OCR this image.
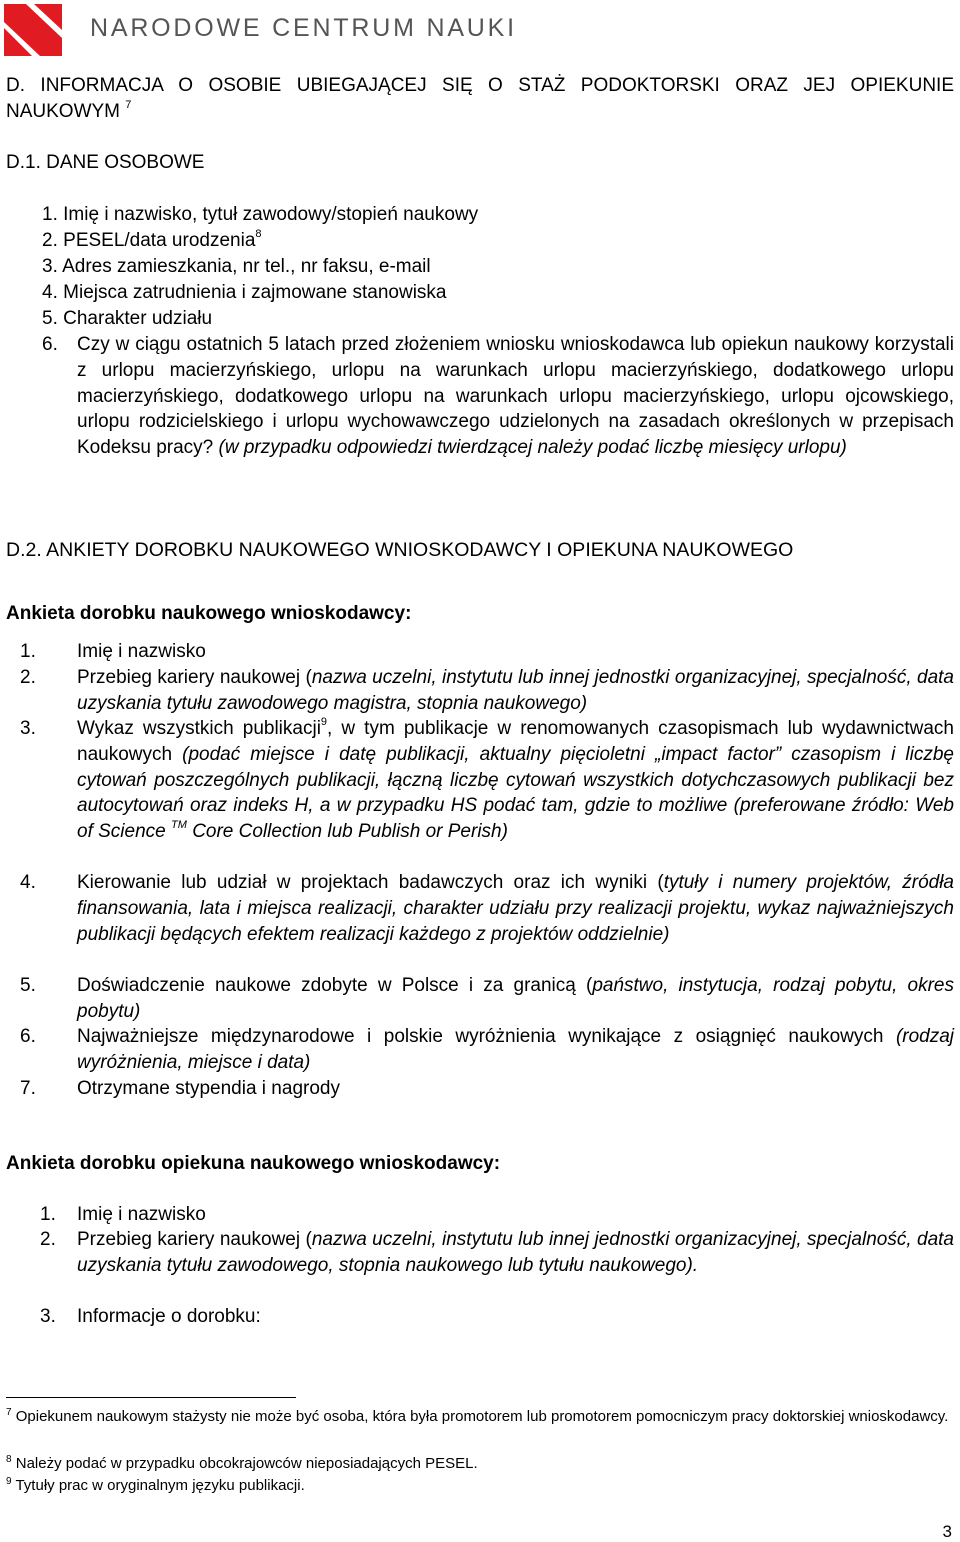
NARODOWE CENTRUM NAUKI
D. INFORMACJA O OSOBIE UBIEGAJĄCEJ SIĘ O STAŻ PODOKTORSKI ORAZ JEJ OPIEKUNIE NAUKOWYM $^7$
D.1. DANE OSOBOWE
1. Imię i nazwisko, tytuł zawodowy/stopień naukowy
2. PESEL/data urodzenia$^8$
3. Adres zamieszkania, nr tel., nr faksu, e-mail
4. Miejsca zatrudnienia i zajmowane stanowiska
5. Charakter udziału
6. Czy w ciągu ostatnich 5 latach przed złożeniem wniosku wnioskodawca lub opiekun naukowy korzystali z urlopu macierzyńskiego, urlopu na warunkach urlopu macierzyńskiego, dodatkowego urlopu macierzyńskiego, dodatkowego urlopu na warunkach urlopu macierzyńskiego, urlopu ojcowskiego, urlopu rodzicielskiego i urlopu wychowawczego udzielonych na zasadach określonych w przepisach Kodeksu pracy? (w przypadku odpowiedzi twierdzącej należy podać liczbę miesięcy urlopu)
D.2. ANKIETY DOROBKU NAUKOWEGO WNIOSKODAWCY I OPIEKUNA NAUKOWEGO
Ankieta dorobku naukowego wnioskodawcy:
1. Imię i nazwisko
2. Przebieg kariery naukowej (nazwa uczelni, instytutu lub innej jednostki organizacyjnej, specjalność, data uzyskania tytułu zawodowego magistra, stopnia naukowego)
3. Wykaz wszystkich publikacji$^9$, w tym publikacje w renomowanych czasopismach lub wydawnictwach naukowych (podać miejsce i datę publikacji, aktualny pięcioletni „impact factor” czasopism i liczbę cytowań poszczególnych publikacji, łączną liczbę cytowań wszystkich dotychczasowych publikacji bez autocytowań oraz indeks H, a w przypadku HS podać tam, gdzie to możliwe (preferowane źródło: Web of Science ™ Core Collection lub Publish or Perish)
4. Kierowanie lub udział w projektach badawczych oraz ich wyniki (tytuły i numery projektów, źródła finansowania, lata i miejsca realizacji, charakter udziału przy realizacji projektu, wykaz najważniejszych publikacji będących efektem realizacji każdego z projektów oddzielnie)
5. Doświadczenie naukowe zdobyte w Polsce i za granicą (państwo, instytucja, rodzaj pobytu, okres pobytu)
6. Najważniejsze międzynarodowe i polskie wyróżnienia wynikające z osiągnięć naukowych (rodzaj wyróżnienia, miejsce i data)
7. Otrzymane stypendia i nagrody
Ankieta dorobku opiekuna naukowego wnioskodawcy:
1. Imię i nazwisko
2. Przebieg kariery naukowej (nazwa uczelni, instytutu lub innej jednostki organizacyjnej, specjalność, data uzyskania tytułu zawodowego, stopnia naukowego lub tytułu naukowego).
3. Informacje o dorobku:
$^7$ Opiekunem naukowym stażysty nie może być osoba, która była promotorem lub promotorem pomocniczym pracy doktorskiej wnioskodawcy.
$^8$ Należy podać w przypadku obcokrajowców nieposiadających PESEL.
$^9$ Tytuły prac w oryginalnym języku publikacji.
3
